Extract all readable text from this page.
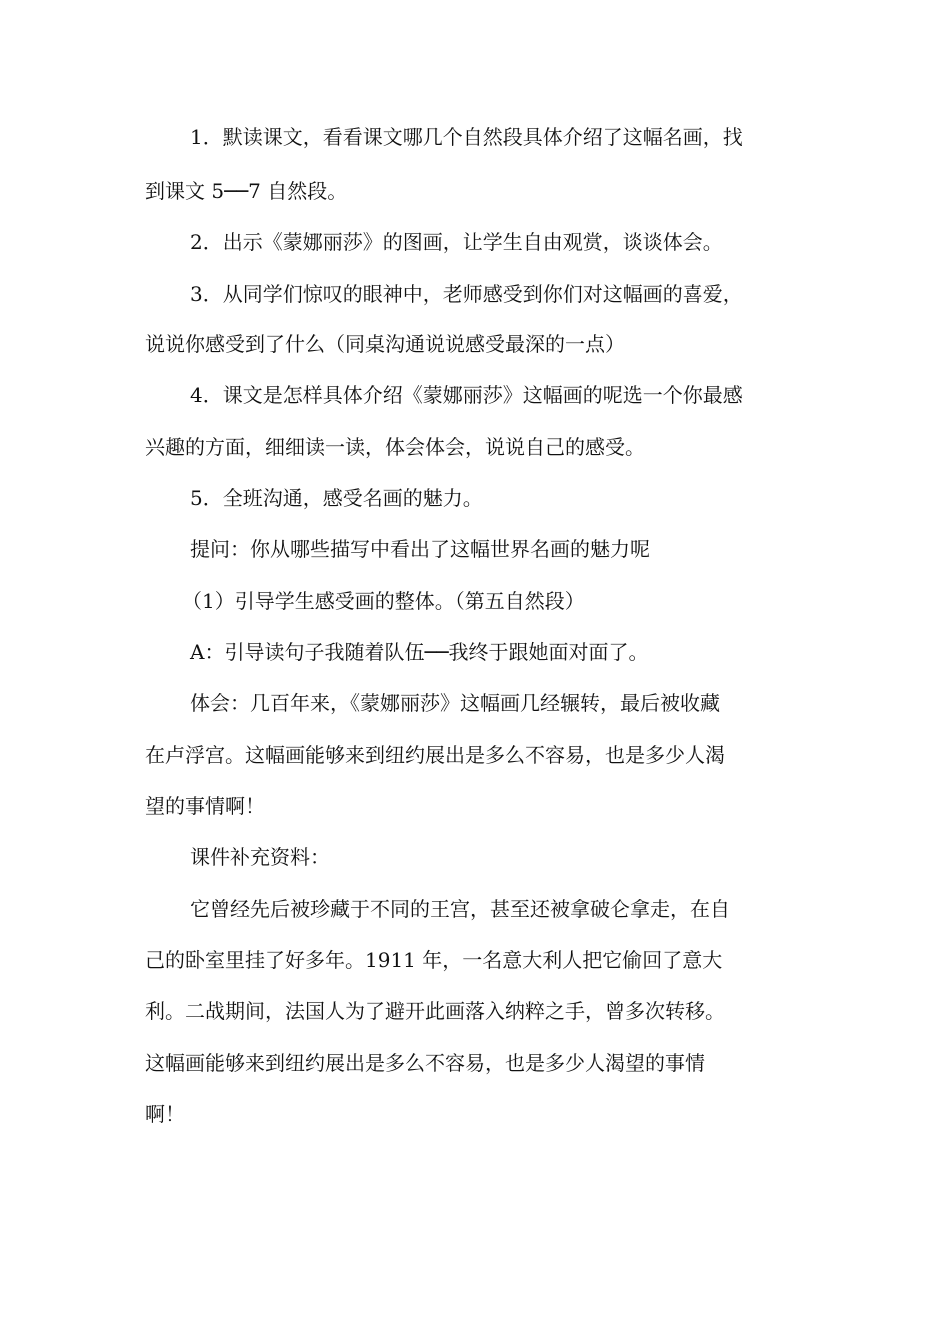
1．默读课文，看看课文哪几个自然段具体介绍了这幅名画，找
到课文 5──7 自然段。
2．出示《蒙娜丽莎》的图画，让学生自由观赏，谈谈体会。
3．从同学们惊叹的眼神中，老师感受到你们对这幅画的喜爱，
说说你感受到了什么（同桌沟通说说感受最深的一点）
4．课文是怎样具体介绍《蒙娜丽莎》这幅画的呢选一个你最感
兴趣的方面，细细读一读，体会体会，说说自己的感受。
5．全班沟通，感受名画的魅力。
提问：你从哪些描写中看出了这幅世界名画的魅力呢
（1）引导学生感受画的整体。（第五自然段）
A：引导读句子我随着队伍──我终于跟她面对面了。
体会：几百年来，《蒙娜丽莎》这幅画几经辗转，最后被收藏
在卢浮宫。这幅画能够来到纽约展出是多么不容易，也是多少人渴
望的事情啊！
课件补充资料：
它曾经先后被珍藏于不同的王宫，甚至还被拿破仑拿走，在自
己的卧室里挂了好多年。1911 年，一名意大利人把它偷回了意大
利。二战期间，法国人为了避开此画落入纳粹之手，曾多次转移。
这幅画能够来到纽约展出是多么不容易，也是多少人渴望的事情
啊！
